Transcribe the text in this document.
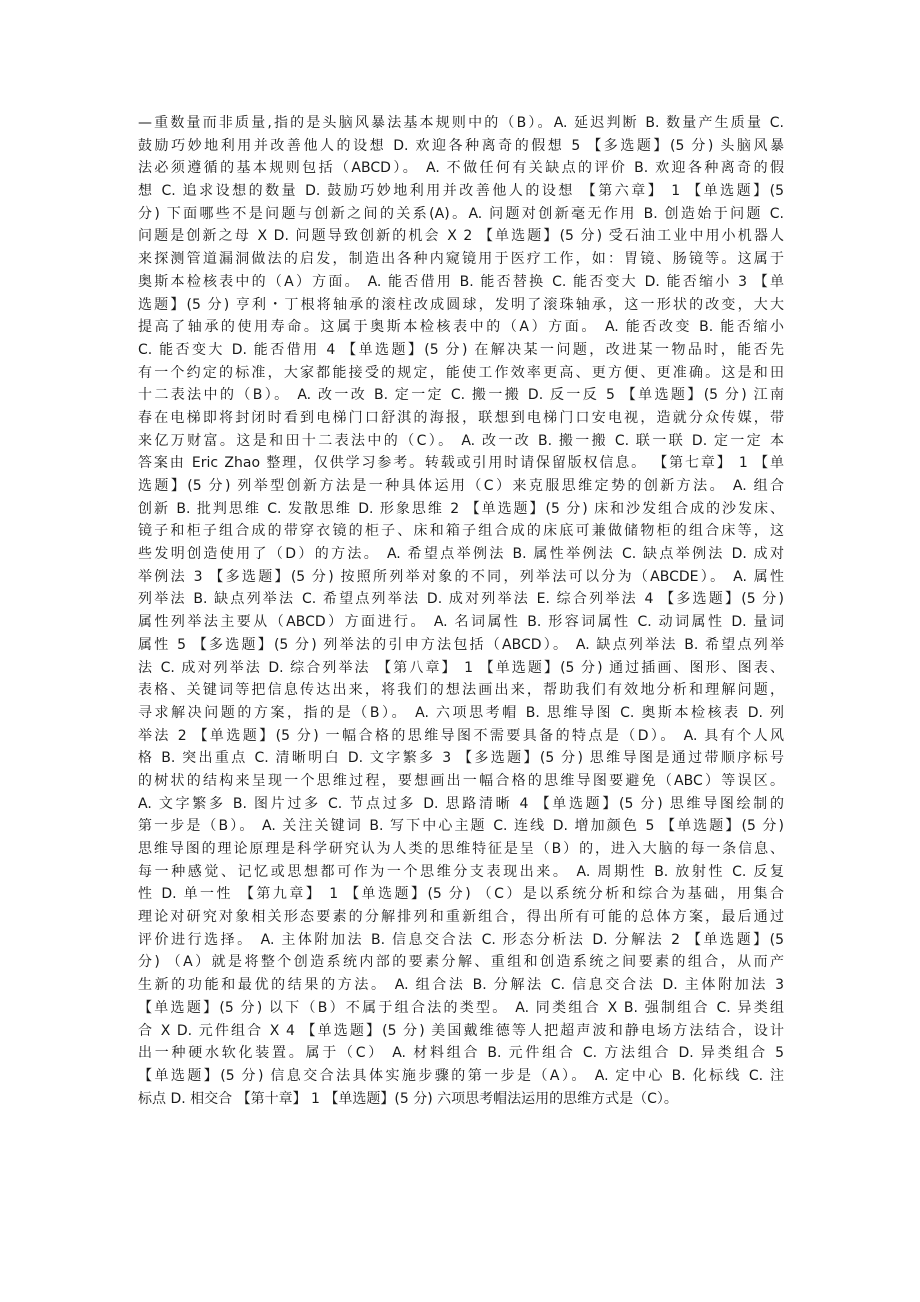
—重数量而非质量,指的是头脑风暴法基本规则中的（B）。A. 延迟判断 B. 数量产生质量 C.
鼓励巧妙地利用并改善他人的设想 D. 欢迎各种离奇的假想 5 【多选题】(5 分) 头脑风暴
法必须遵循的基本规则包括（ABCD）。 A. 不做任何有关缺点的评价 B. 欢迎各种离奇的假
想 C. 追求设想的数量 D. 鼓励巧妙地利用并改善他人的设想 【第六章】 1 【单选题】(5
分) 下面哪些不是问题与创新之间的关系(A)。A. 问题对创新毫无作用 B. 创造始于问题 C.
问题是创新之母 X D. 问题导致创新的机会 X 2 【单选题】(5 分) 受石油工业中用小机器人
来探测管道漏洞做法的启发，制造出各种内窥镜用于医疗工作，如：胃镜、肠镜等。这属于
奥斯本检核表中的（A）方面。 A. 能否借用 B. 能否替换 C. 能否变大 D. 能否缩小 3 【单
选题】(5 分) 亨利・丁根将轴承的滚柱改成圆球，发明了滚珠轴承，这一形状的改变，大大
提高了轴承的使用寿命。这属于奥斯本检核表中的（A）方面。 A. 能否改变 B. 能否缩小
C. 能否变大 D. 能否借用 4 【单选题】(5 分) 在解决某一问题，改进某一物品时，能否先
有一个约定的标准，大家都能接受的规定，能使工作效率更高、更方便、更准确。这是和田
十二表法中的（B）。 A. 改一改 B. 定一定 C. 搬一搬 D. 反一反 5 【单选题】(5 分) 江南
春在电梯即将封闭时看到电梯门口舒淇的海报，联想到电梯门口安电视，造就分众传媒，带
来亿万财富。这是和田十二表法中的（C）。 A. 改一改 B. 搬一搬 C. 联一联 D. 定一定 本
答案由 Eric Zhao 整理，仅供学习参考。转载或引用时请保留版权信息。 【第七章】 1 【单
选题】(5 分) 列举型创新方法是一种具体运用（C）来克服思维定势的创新方法。 A. 组合
创新 B. 批判思维 C. 发散思维 D. 形象思维 2 【单选题】(5 分) 床和沙发组合成的沙发床、
镜子和柜子组合成的带穿衣镜的柜子、床和箱子组合成的床底可兼做储物柜的组合床等，这
些发明创造使用了（D）的方法。 A. 希望点举例法 B. 属性举例法 C. 缺点举例法 D. 成对
举例法 3 【多选题】(5 分) 按照所列举对象的不同，列举法可以分为（ABCDE）。 A. 属性
列举法 B. 缺点列举法 C. 希望点列举法 D. 成对列举法 E. 综合列举法 4 【多选题】(5 分)
属性列举法主要从（ABCD）方面进行。 A. 名词属性 B. 形容词属性 C. 动词属性 D. 量词
属性 5 【多选题】(5 分) 列举法的引申方法包括（ABCD）。 A. 缺点列举法 B. 希望点列举
法 C. 成对列举法 D. 综合列举法 【第八章】 1 【单选题】(5 分) 通过插画、图形、图表、
表格、关键词等把信息传达出来，将我们的想法画出来，帮助我们有效地分析和理解问题，
寻求解决问题的方案，指的是（B）。 A. 六项思考帽 B. 思维导图 C. 奥斯本检核表 D. 列
举法 2 【单选题】(5 分) 一幅合格的思维导图不需要具备的特点是（D）。 A. 具有个人风
格 B. 突出重点 C. 清晰明白 D. 文字繁多 3 【多选题】(5 分) 思维导图是通过带顺序标号
的树状的结构来呈现一个思维过程，要想画出一幅合格的思维导图要避免（ABC）等误区。
A. 文字繁多 B. 图片过多 C. 节点过多 D. 思路清晰 4 【单选题】(5 分) 思维导图绘制的
第一步是（B）。 A. 关注关键词 B. 写下中心主题 C. 连线 D. 增加颜色 5 【单选题】(5 分)
思维导图的理论原理是科学研究认为人类的思维特征是呈（B）的，进入大脑的每一条信息、
每一种感觉、记忆或思想都可作为一个思维分支表现出来。 A. 周期性 B. 放射性 C. 反复
性 D. 单一性 【第九章】 1 【单选题】(5 分) （C）是以系统分析和综合为基础，用集合
理论对研究对象相关形态要素的分解排列和重新组合，得出所有可能的总体方案，最后通过
评价进行选择。 A. 主体附加法 B. 信息交合法 C. 形态分析法 D. 分解法 2 【单选题】(5
分) （A）就是将整个创造系统内部的要素分解、重组和创造系统之间要素的组合，从而产
生新的功能和最优的结果的方法。 A. 组合法 B. 分解法 C. 信息交合法 D. 主体附加法 3
【单选题】(5 分) 以下（B）不属于组合法的类型。 A. 同类组合 X B. 强制组合 C. 异类组
合 X D. 元件组合 X 4 【单选题】(5 分) 美国戴维德等人把超声波和静电场方法结合，设计
出一种硬水软化装置。属于（C） A. 材料组合 B. 元件组合 C. 方法组合 D. 异类组合 5
【单选题】(5 分) 信息交合法具体实施步骤的第一步是（A）。 A. 定中心 B. 化标线 C. 注
标点 D. 相交合 【第十章】 1 【单选题】(5 分) 六项思考帽法运用的思维方式是（C）。
